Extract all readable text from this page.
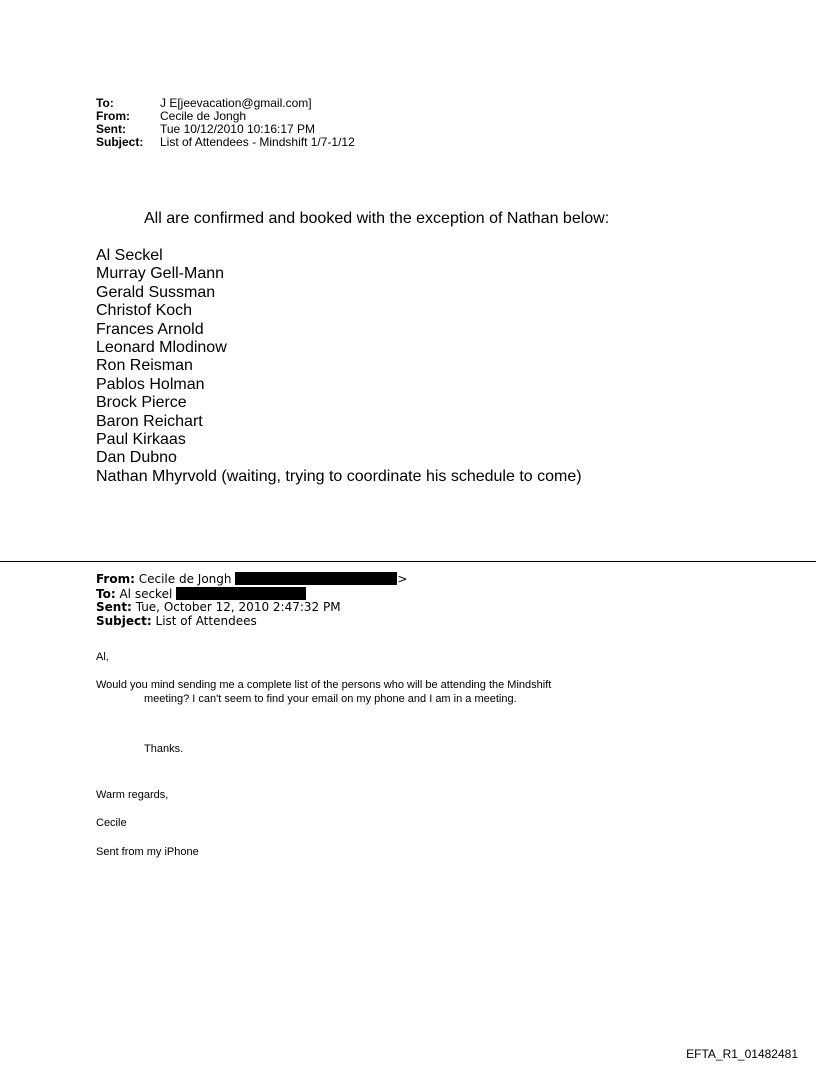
To:	J E[jeevacation@gmail.com]
From:	Cecile de Jongh
Sent:	Tue 10/12/2010 10:16:17 PM
Subject:	List of Attendees - Mindshift 1/7-1/12
All are confirmed and booked with the exception of Nathan below:
Al Seckel
Murray Gell-Mann
Gerald Sussman
Christof Koch
Frances Arnold
Leonard Mlodinow
Ron Reisman
Pablos Holman
Brock Pierce
Baron Reichart
Paul Kirkaas
Dan Dubno
Nathan Mhyrvold (waiting, trying to coordinate his schedule to come)
From: Cecile de Jongh	>
To: Al seckel
Sent: Tue, October 12, 2010 2:47:32 PM
Subject: List of Attendees
Al,
Would you mind sending me a complete list of the persons who will be attending the Mindshift
meeting? I can't seem to find your email on my phone and I am in a meeting.
Thanks.
Warm regards,
Cecile
Sent from my iPhone
EFTA_R1_01482481
